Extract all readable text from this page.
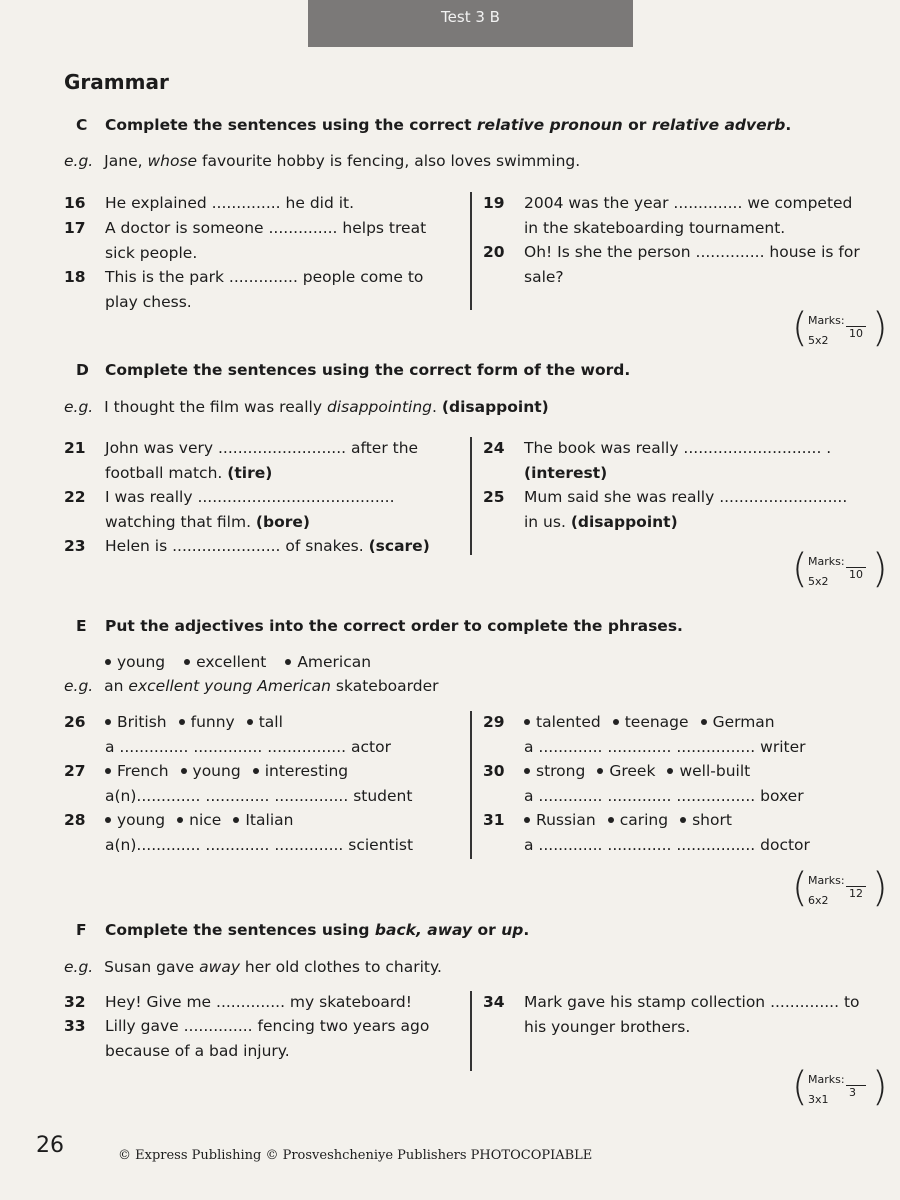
Test 3 B
Grammar
C Complete the sentences using the correct relative pronoun or relative adverb.
e.g. Jane, whose favourite hobby is fencing, also loves swimming.
16 He explained .............. he did it.
17 A doctor is someone .............. helps treat
sick people.
18 This is the park .............. people come to
play chess.
19 2004 was the year .............. we competed
in the skateboarding tournament.
20 Oh! Is she the person .............. house is for
sale?
( )
Marks:
5x2
10
D Complete the sentences using the correct form of the word.
e.g. I thought the film was really disappointing. (disappoint)
21 John was very .......................... after the
football match. (tire)
22 I was really ........................................
watching that film. (bore)
23 Helen is ...................... of snakes. (scare)
24 The book was really ............................ .
(interest)
25 Mum said she was really ..........................
in us. (disappoint)
( )
Marks:
5x2
10
E Put the adjectives into the correct order to complete the phrases.
young excellent American
e.g. an excellent young American skateboarder
26	British funny tall
a .............. .............. ................ actor
27	French young interesting
a(n)............. ............. ............... student
28	young nice Italian
a(n)............. ............. .............. scientist
29	talented teenage German
a ............. ............. ................ writer
30	strong Greek well-built
a ............. ............. ................ boxer
31	Russian caring short
a ............. ............. ................ doctor
( )
Marks:
6x2
12
F Complete the sentences using back, away or up.
e.g. Susan gave away her old clothes to charity.
32 Hey! Give me .............. my skateboard!
33 Lilly gave .............. fencing two years ago
because of a bad injury.
34 Mark gave his stamp collection .............. to
his younger brothers.
( )
Marks:
3x1
3
26	© Express Publishing © Prosveshcheniye Publishers PHOTOCOPIABLE
